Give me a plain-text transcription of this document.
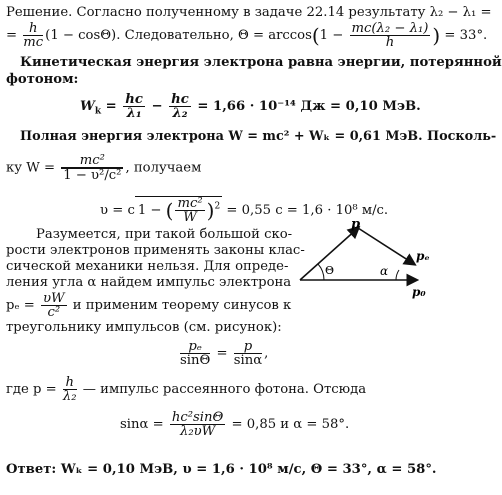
Решение. Согласно полученному в задаче 22.14 результату λ₂ − λ₁ =
= $\frac{h}{mc} (1 - \cos\Theta)$. Следовательно, $\Theta = \arccos(1 - \frac{\text{mc(λ₂ − λ₁)}}{h}$ ) = 33°.
Кинетическая энергия электрона равна энергии, потерянной
фотоном:
$W_k = \frac{hc}{\text{λ₁}} - \frac{hc}{\text{λ₂}} = 1,66 \cdot 10^{-14}$ Дж = 0,10 МэВ.
Полная энергия электрона W = mc² + Wₖ = 0,61 МэВ. Посколь-
ку $W = \frac{\text{mc²}}{\text{1 − υ²/c²}}$ , получаем
υ = c 1 − ( $\frac{\text{mc²}}{W} )^2 = 0,55$ c = 1,6 · 10⁸ м/с.
Разумеется, при такой большой ско-
рости электронов применять законы клас-
сической механики нельзя. Для опреде-
ления угла α найдем импульс электрона
$p_e = \frac{\upsilon W}{\text{c²}}$ и применим теорему синусов к
треугольнику импульсов (см. рисунок):
$\frac{\text{pₑ}}{\sin\Theta} = \frac{p}{\sin\alpha}$ ,
где $p = \frac{h}{\text{λ₂}}$ — импульс рассеянного фотона. Отсюда
$\sin\alpha = \frac{\text{hc²sinΘ}}{\text{λ₂υW}} = 0,85$ и α = 58°.
Ответ: Wₖ = 0,10 МэВ, υ = 1,6 · 10⁸ м/с, Θ = 33°, α = 58°.
p
Θ	α
pₑ
p₀
